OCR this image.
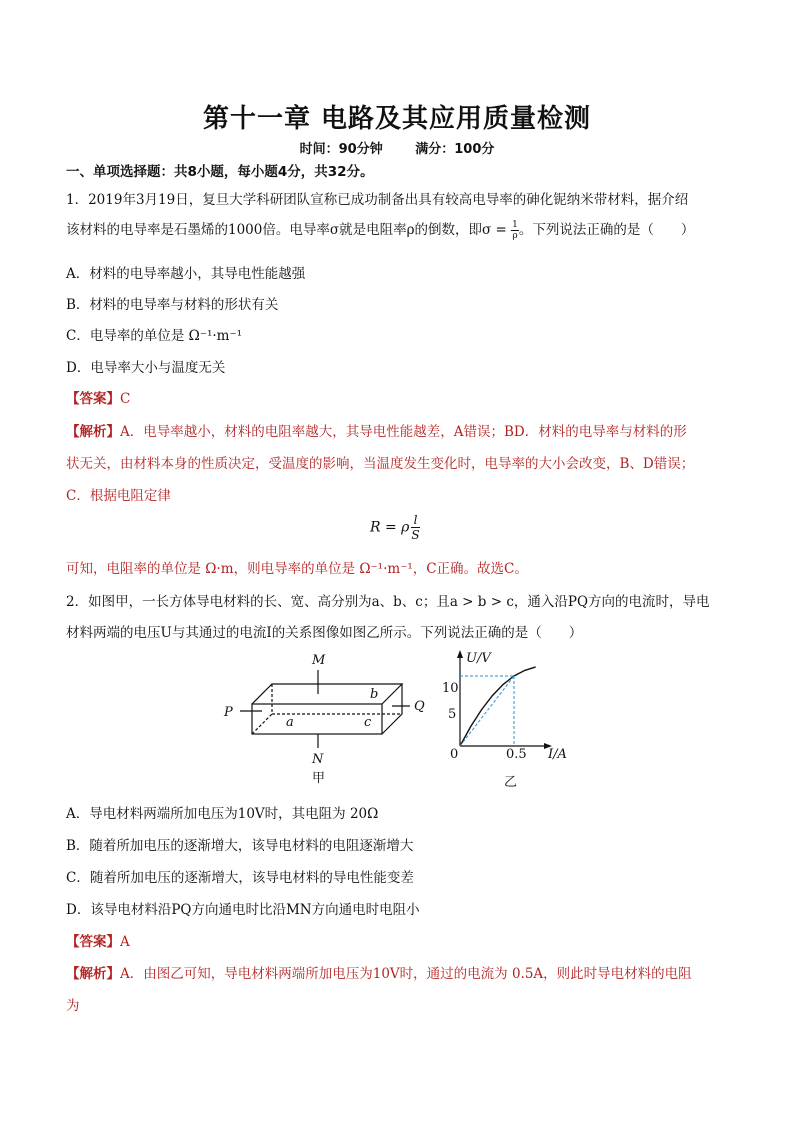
第十一章 电路及其应用质量检测
时间：90分钟	满分：100分
一、单项选择题：共8小题，每小题4分，共32分。
1．2019年3月19日，复旦大学科研团队宣称已成功制备出具有较高电导率的砷化铌纳米带材料，据介绍
该材料的电导率是石墨烯的1000倍。电导率σ就是电阻率ρ的倒数，即$\sigma = \frac{1}{\rho}$ 。下列说法正确的是（　　）
A．材料的电导率越小，其导电性能越强
B．材料的电导率与材料的形状有关
C．电导率的单位是 Ω⁻¹·m⁻¹
D．电导率大小与温度无关
【答案】C
【解析】A．电导率越小，材料的电阻率越大，其导电性能越差，A错误；BD．材料的电导率与材料的形
状无关，由材料本身的性质决定，受温度的影响，当温度发生变化时，电导率的大小会改变，B、D错误；
C．根据电阻定律
R = ρ $\frac{l}{S}$
可知，电阻率的单位是 Ω·m，则电导率的单位是 Ω⁻¹·m⁻¹，C正确。故选C。
2．如图甲，一长方体导电材料的长、宽、高分别为a、b、c；且a > b > c，通入沿PQ方向的电流时，导电
材料两端的电压U与其通过的电流I的关系图像如图乙所示。下列说法正确的是（　　）
M
N
P	Q
a
b
c
甲
U/V
I/A
0	0.5
10
5
乙
A．导电材料两端所加电压为10V时，其电阻为 20Ω
B．随着所加电压的逐渐增大，该导电材料的电阻逐渐增大
C．随着所加电压的逐渐增大，该导电材料的导电性能变差
D．该导电材料沿PQ方向通电时比沿MN方向通电时电阻小
【答案】A
【解析】A．由图乙可知，导电材料两端所加电压为10V时，通过的电流为 0.5A，则此时导电材料的电阻
为
